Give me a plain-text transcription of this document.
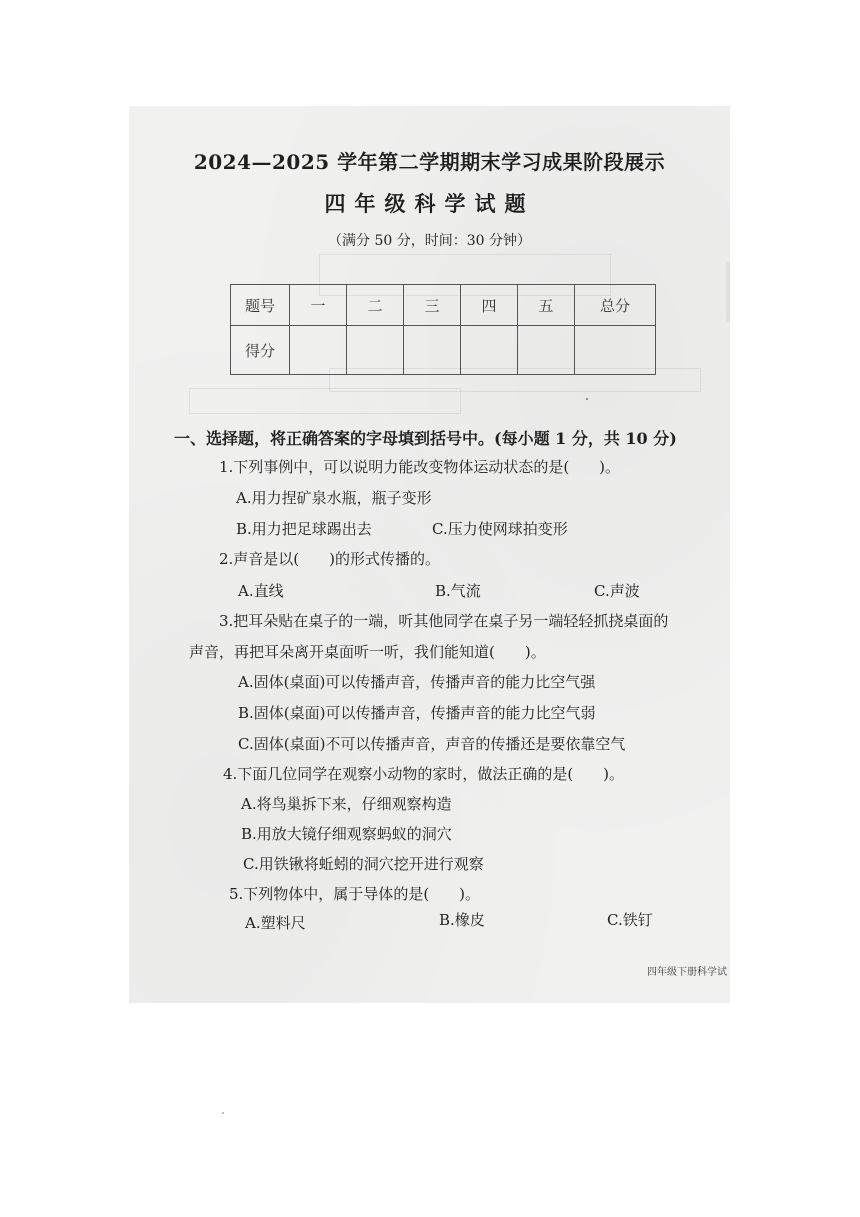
2024—2025 学年第二学期期末学习成果阶段展示
四年级科学试题
（满分 50 分，时间：30 分钟）
题号	一	二	三	四	五	总分
得分						
一、选择题，将正确答案的字母填到括号中。(每小题 1 分，共 10 分)
1.下列事例中，可以说明力能改变物体运动状态的是(　　)。
A.用力捏矿泉水瓶，瓶子变形
B.用力把足球踢出去	C.压力使网球拍变形
2.声音是以(　　)的形式传播的。
A.直线	B.气流	C.声波
3.把耳朵贴在桌子的一端，听其他同学在桌子另一端轻轻抓挠桌面的
声音，再把耳朵离开桌面听一听，我们能知道(　　)。
A.固体(桌面)可以传播声音，传播声音的能力比空气强
B.固体(桌面)可以传播声音，传播声音的能力比空气弱
C.固体(桌面)不可以传播声音，声音的传播还是要依靠空气
4.下面几位同学在观察小动物的家时，做法正确的是(　　)。
A.将鸟巢拆下来，仔细观察构造
B.用放大镜仔细观察蚂蚁的洞穴
C.用铁锹将蚯蚓的洞穴挖开进行观察
5.下列物体中，属于导体的是(　　)。
A.塑料尺	B.橡皮	C.铁钉
四年级下册科学试
